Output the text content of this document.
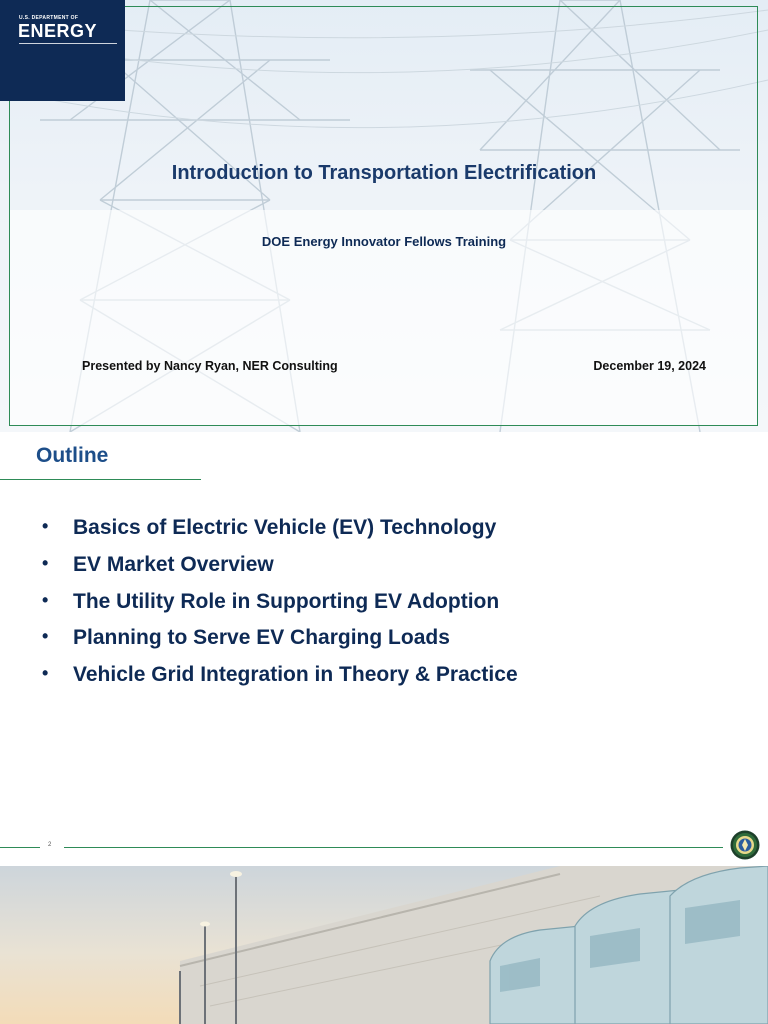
U.S. DEPARTMENT OF
ENERGY
Introduction to Transportation Electrification
DOE Energy Innovator Fellows Training
Presented by Nancy Ryan, NER Consulting	December 19, 2024
Outline
• Basics of Electric Vehicle (EV) Technology
• EV Market Overview
• The Utility Role in Supporting EV Adoption
• Planning to Serve EV Charging Loads
• Vehicle Grid Integration in Theory & Practice
2
